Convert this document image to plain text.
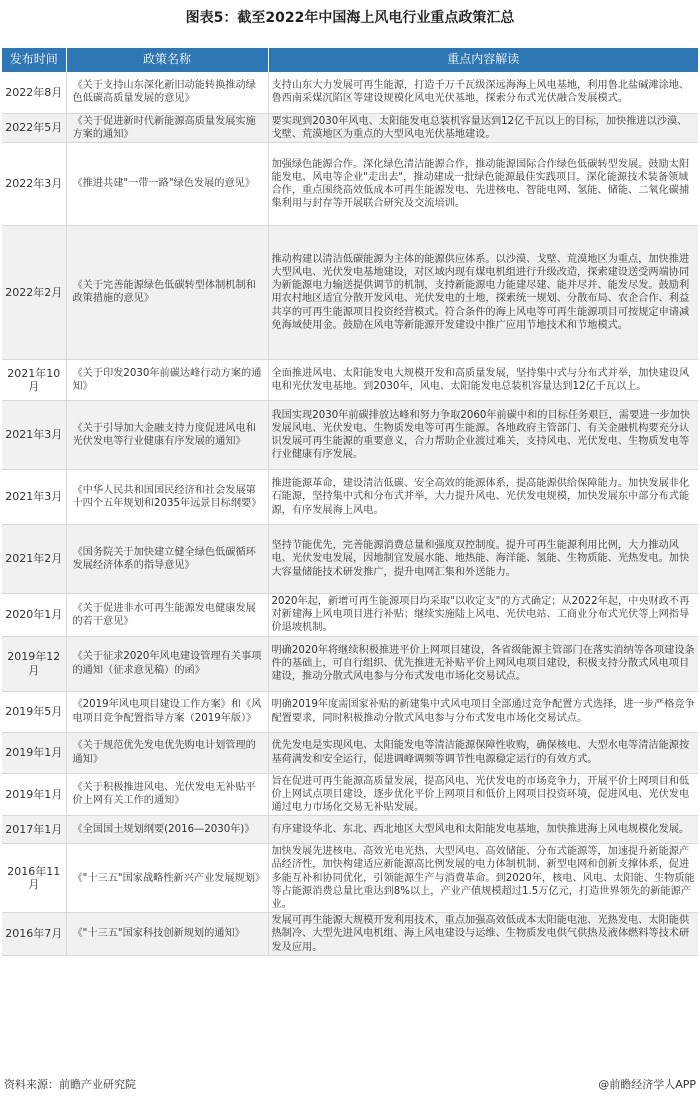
图表5：截至2022年中国海上风电行业重点政策汇总
发布时间	政策名称	重点内容解读
2022年8月	《关于支持山东深化新旧动能转换推动绿色低碳高质量发展的意见》	支持山东大力发展可再生能源，打造千万千瓦级深远海海上风电基地，利用鲁北盐碱滩涂地、鲁西南采煤沉陷区等建设规模化风电光伏基地，探索分布式光伏融合发展模式。
2022年5月	《关于促进新时代新能源高质量发展实施方案的通知》	要实现到2030年风电、太阳能发电总装机容量达到12亿千瓦以上的目标，加快推进以沙漠、戈壁、荒漠地区为重点的大型风电光伏基地建设。
2022年3月	《推进共建"一带一路"绿色发展的意见》	加强绿色能源合作。深化绿色清洁能源合作，推动能源国际合作绿色低碳转型发展。鼓励太阳能发电、风电等企业"走出去"，推动建成一批绿色能源最佳实践项目。深化能源技术装备领域合作，重点围绕高效低成本可再生能源发电、先进核电、智能电网、氢能、储能、二氧化碳捕集利用与封存等开展联合研究及交流培训。
2022年2月	《关于完善能源绿色低碳转型体制机制和政策措施的意见》	推动构建以清洁低碳能源为主体的能源供应体系。以沙漠、戈壁、荒漠地区为重点，加快推进大型风电、光伏发电基地建设，对区域内现有煤电机组进行升级改造，探索建设送受两端协同为新能源电力输送提供调节的机制，支持新能源电力能建尽建、能并尽并、能发尽发。鼓励利用农村地区适宜分散开发风电、光伏发电的土地，探索统一规划、分散布局、农企合作、利益共享的可再生能源项目投资经营模式。符合条件的海上风电等可再生能源项目可按规定申请减免海域使用金。鼓励在风电等新能源开发建设中推广应用节地技术和节地模式。
2021年10月	《关于印发2030年前碳达峰行动方案的通知》	全面推进风电、太阳能发电大规模开发和高质量发展，坚持集中式与分布式并举，加快建设风电和光伏发电基地。到2030年，风电、太阳能发电总装机容量达到12亿千瓦以上。
2021年3月	《关于引导加大金融支持力度促进风电和光伏发电等行业健康有序发展的通知》	我国实现2030年前碳排放达峰和努力争取2060年前碳中和的目标任务艰巨，需要进一步加快发展风电、光伏发电、生物质发电等可再生能源。各地政府主管部门、有关金融机构要充分认识发展可再生能源的重要意义，合力帮助企业渡过难关，支持风电、光伏发电、生物质发电等行业健康有序发展。
2021年3月	《中华人民共和国国民经济和社会发展第十四个五年规划和2035年远景目标纲要》	推进能源革命，建设清洁低碳、安全高效的能源体系，提高能源供给保障能力。加快发展非化石能源，坚持集中式和分布式并举，大力提升风电、光伏发电规模，加快发展东中部分布式能源，有序发展海上风电。
2021年2月	《国务院关于加快建立健全绿色低碳循环发展经济体系的指导意见》	坚持节能优先，完善能源消费总量和强度双控制度。提升可再生能源利用比例，大力推动风电、光伏发电发展，因地制宜发展水能、地热能、海洋能、氢能、生物质能、光热发电。加快大容量储能技术研发推广，提升电网汇集和外送能力。
2020年1月	《关于促进非水可再生能源发电健康发展的若干意见》	2020年起，新增可再生能源项目均采取"以收定支"的方式确定；从2022年起，中央财政不再对新建海上风电项目进行补贴；继续实施陆上风电、光伏电站、工商业分布式光伏等上网指导价退坡机制。
2019年12月	《关于征求2020年风电建设管理有关事项的通知（征求意见稿）的函》	明确2020年将继续积极推进平价上网项目建设，各省级能源主管部门在落实消纳等各项建设条件的基础上，可自行组织、优先推进无补贴平价上网风电项目建设，积极支持分散式风电项目建设，推动分散式风电参与分布式发电市场化交易试点。
2019年5月	《2019年风电项目建设工作方案》和《风电项目竞争配置指导方案（2019年版）》	明确2019年度需国家补贴的新建集中式风电项目全部通过竞争配置方式选择，进一步严格竞争配置要求，同时积极推动分散式风电参与分布式发电市场化交易试点。
2019年1月	《关于规范优先发电优先购电计划管理的通知》	优先发电是实现风电、太阳能发电等清洁能源保障性收购，确保核电、大型水电等清洁能源按基荷满发和安全运行，促进调峰调频等调节性电源稳定运行的有效方式。
2019年1月	《关于积极推进风电、光伏发电无补贴平价上网有关工作的通知》	旨在促进可再生能源高质量发展，提高风电、光伏发电的市场竞争力，开展平价上网项目和低价上网试点项目建设，逐步优化平价上网项目和低价上网项目投资环境，促进风电、光伏发电通过电力市场化交易无补贴发展。
2017年1月	《全国国土规划纲要(2016—2030年)》	有序建设华北、东北、西北地区大型风电和太阳能发电基地，加快推进海上风电规模化发展。
2016年11月	《"十三五"国家战略性新兴产业发展规划》	加快发展先进核电、高效光电光热、大型风电、高效储能、分布式能源等，加速提升新能源产品经济性，加快构建适应新能源高比例发展的电力体制机制、新型电网和创新支撑体系，促进多能互补和协同优化，引领能源生产与消费革命。到2020年，核电、风电、太阳能、生物质能等占能源消费总量比重达到8%以上，产业产值规模超过1.5万亿元，打造世界领先的新能源产业。
2016年7月	《"十三五"国家科技创新规划的通知》	发展可再生能源大规模开发利用技术，重点加强高效低成本太阳能电池、光热发电、太阳能供热制冷、大型先进风电机组、海上风电建设与运维、生物质发电供气供热及液体燃料等技术研发及应用。
资料来源：前瞻产业研究院	@前瞻经济学人APP
